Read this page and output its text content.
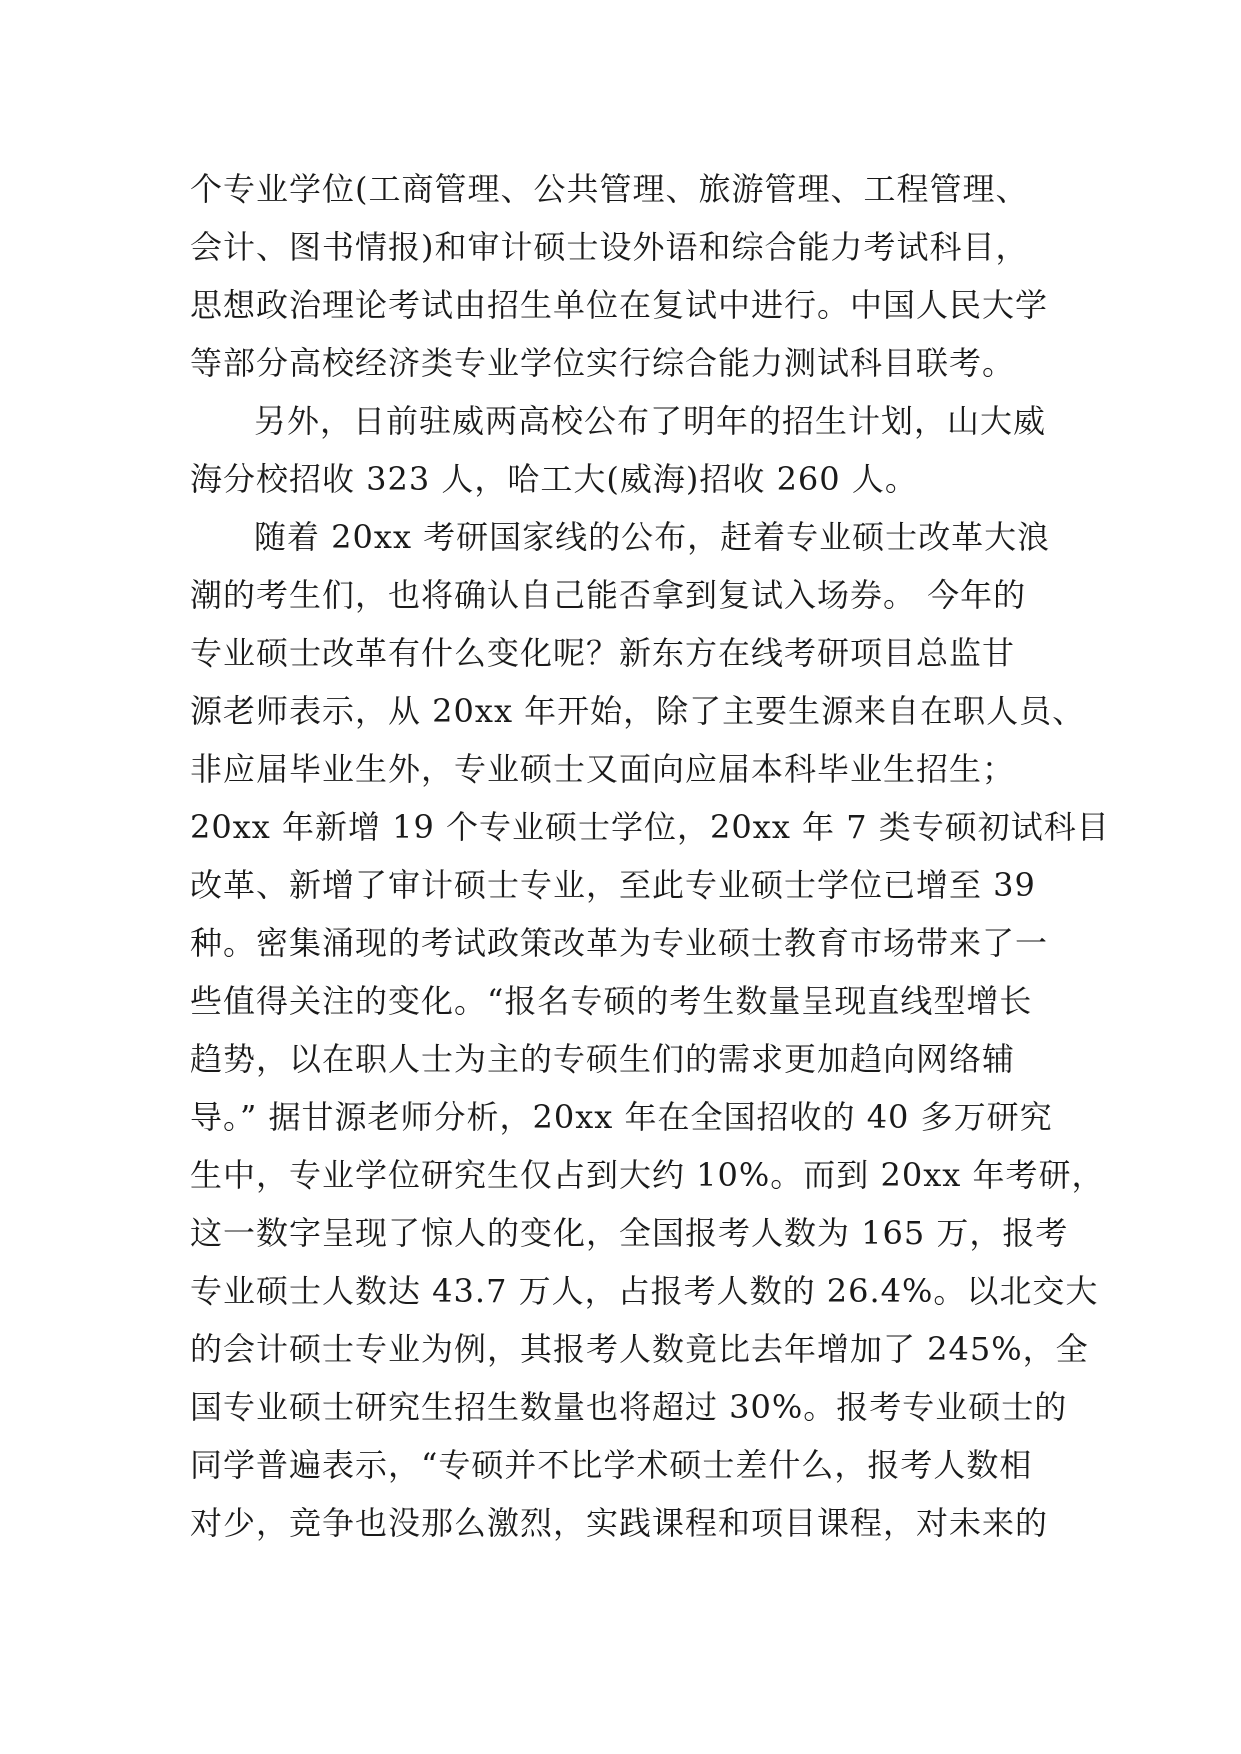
个专业学位(工商管理、公共管理、旅游管理、工程管理、
会计、图书情报)和审计硕士设外语和综合能力考试科目，
思想政治理论考试由招生单位在复试中进行。中国人民大学
等部分高校经济类专业学位实行综合能力测试科目联考。
另外，日前驻威两高校公布了明年的招生计划，山大威
海分校招收 323 人，哈工大(威海)招收 260 人。
随着 20xx 考研国家线的公布，赶着专业硕士改革大浪
潮的考生们，也将确认自己能否拿到复试入场券。 今年的
专业硕士改革有什么变化呢？新东方在线考研项目总监甘
源老师表示，从 20xx 年开始，除了主要生源来自在职人员、
非应届毕业生外，专业硕士又面向应届本科毕业生招生；
20xx 年新增 19 个专业硕士学位，20xx 年 7 类专硕初试科目
改革、新增了审计硕士专业，至此专业硕士学位已增至 39
种。密集涌现的考试政策改革为专业硕士教育市场带来了一
些值得关注的变化。“报名专硕的考生数量呈现直线型增长
趋势，以在职人士为主的专硕生们的需求更加趋向网络辅
导。” 据甘源老师分析，20xx 年在全国招收的 40 多万研究
生中，专业学位研究生仅占到大约 10%。而到 20xx 年考研，
这一数字呈现了惊人的变化，全国报考人数为 165 万，报考
专业硕士人数达 43.7 万人，占报考人数的 26.4%。以北交大
的会计硕士专业为例，其报考人数竟比去年增加了 245%，全
国专业硕士研究生招生数量也将超过 30%。报考专业硕士的
同学普遍表示，“专硕并不比学术硕士差什么，报考人数相
对少，竞争也没那么激烈，实践课程和项目课程，对未来的
